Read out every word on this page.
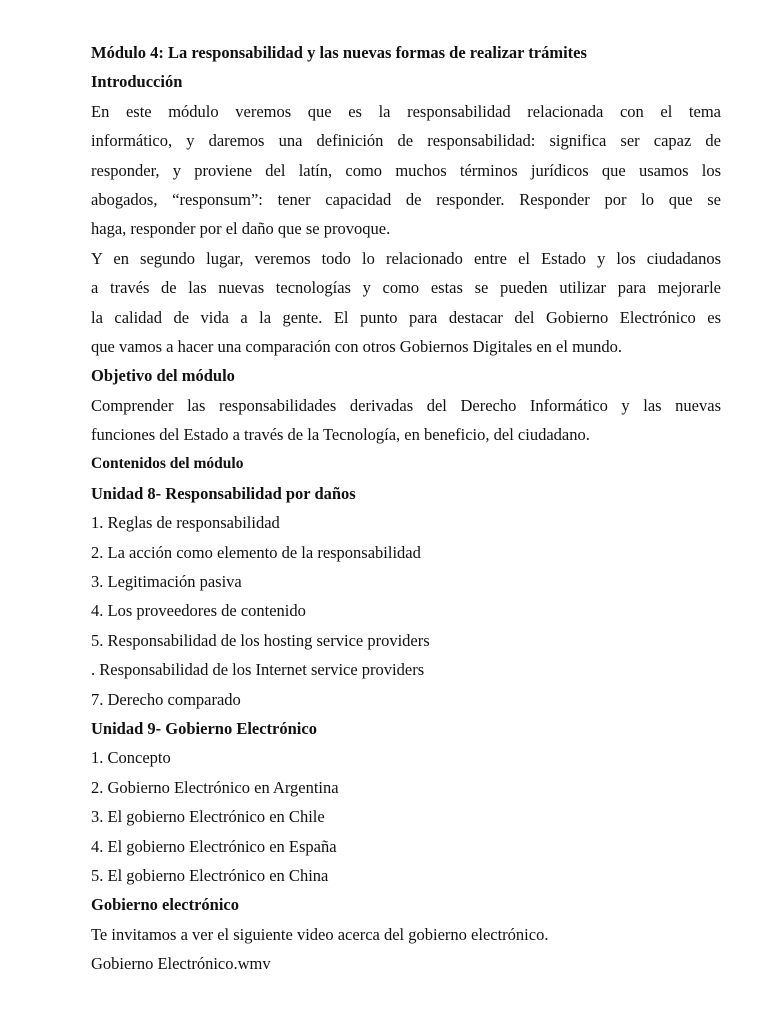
Módulo 4: La responsabilidad y las nuevas formas de realizar trámites
Introducción
En este módulo veremos que es la responsabilidad relacionada con el tema
informático, y daremos una definición de responsabilidad: significa ser capaz de
responder, y proviene del latín, como muchos términos jurídicos que usamos los
abogados, “responsum”: tener capacidad de responder. Responder por lo que se
haga, responder por el daño que se provoque.
Y en segundo lugar, veremos todo lo relacionado entre el Estado y los ciudadanos
a través de las nuevas tecnologías y como estas se pueden utilizar para mejorarle
la calidad de vida a la gente. El punto para destacar del Gobierno Electrónico es
que vamos a hacer una comparación con otros Gobiernos Digitales en el mundo.
Objetivo del módulo
Comprender las responsabilidades derivadas del Derecho Informático y las nuevas
funciones del Estado a través de la Tecnología, en beneficio, del ciudadano.
Contenidos del módulo
Unidad 8- Responsabilidad por daños
1. Reglas de responsabilidad
2. La acción como elemento de la responsabilidad
3. Legitimación pasiva
4. Los proveedores de contenido
5. Responsabilidad de los hosting service providers
. Responsabilidad de los Internet service providers
7. Derecho comparado
Unidad 9- Gobierno Electrónico
1. Concepto
2. Gobierno Electrónico en Argentina
3. El gobierno Electrónico en Chile
4. El gobierno Electrónico en España
5. El gobierno Electrónico en China
Gobierno electrónico
Te invitamos a ver el siguiente video acerca del gobierno electrónico.
Gobierno Electrónico.wmv
